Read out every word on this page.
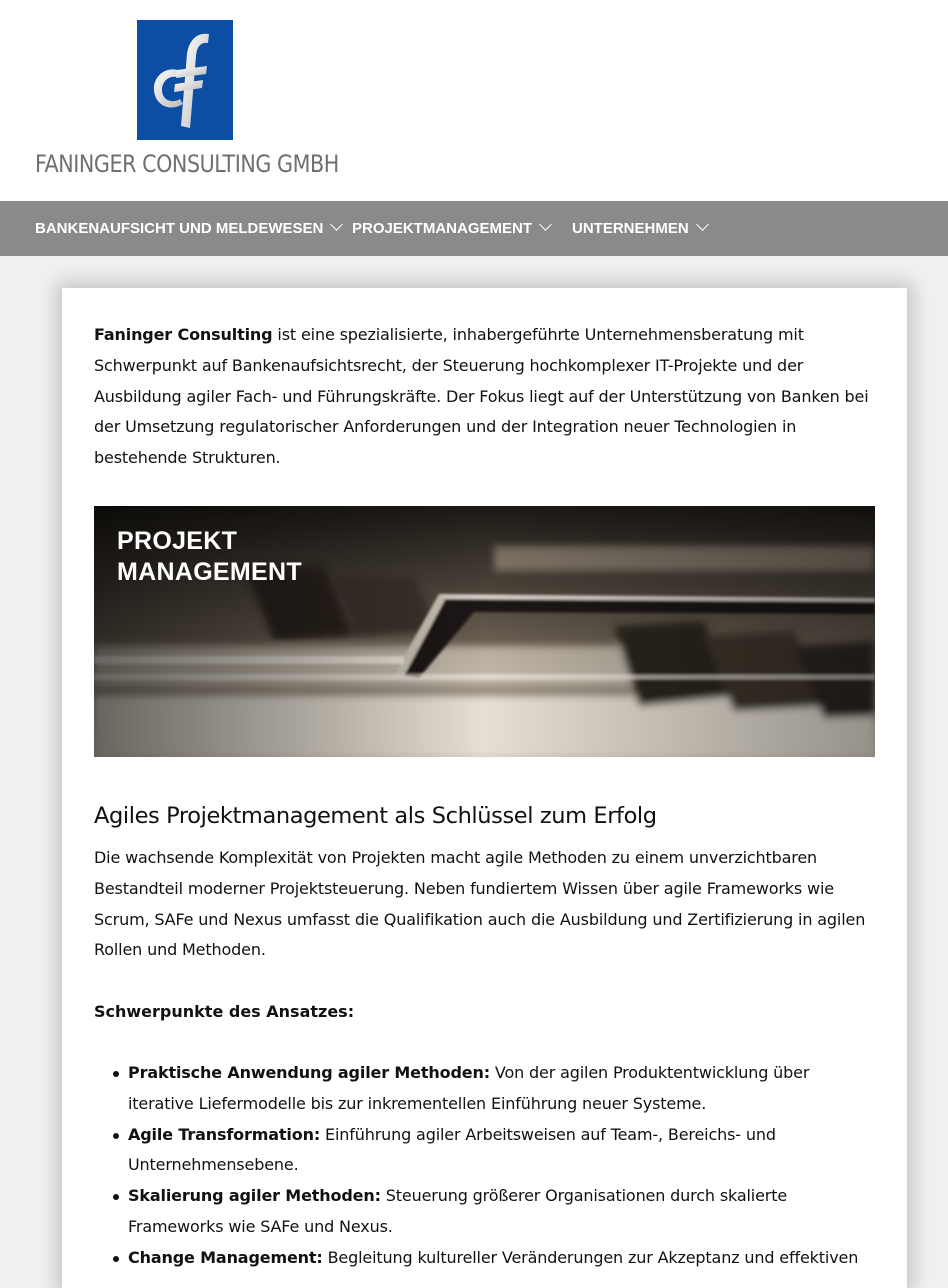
FANINGER CONSULTING GMBH
BANKENAUFSICHT UND MELDEWESEN	PROJEKTMANAGEMENT	UNTERNEHMEN

Faninger Consulting ist eine spezialisierte, inhabergeführte Unternehmensberatung mit Schwerpunkt auf Bankenaufsichtsrecht, der Steuerung hochkomplexer IT-Projekte und der Ausbildung agiler Fach- und Führungskräfte. Der Fokus liegt auf der Unterstützung von Banken bei der Umsetzung regulatorischer Anforderungen und der Integration neuer Technologien in bestehende Strukturen.

PROJEKT
MANAGEMENT
Agiles Projektmanagement als Schlüssel zum Erfolg

Die wachsende Komplexität von Projekten macht agile Methoden zu einem unverzichtbaren Bestandteil moderner Projektsteuerung. Neben fundiertem Wissen über agile Frameworks wie Scrum, SAFe und Nexus umfasst die Qualifikation auch die Ausbildung und Zertifizierung in agilen Rollen und Methoden.

Schwerpunkte des Ansatzes:

Praktische Anwendung agiler Methoden: Von der agilen Produktentwicklung über iterative Liefermodelle bis zur inkrementellen Einführung neuer Systeme.
Agile Transformation: Einführung agiler Arbeitsweisen auf Team-, Bereichs- und Unternehmensebene.
Skalierung agiler Methoden: Steuerung größerer Organisationen durch skalierte Frameworks wie SAFe und Nexus.
Change Management: Begleitung kultureller Veränderungen zur Akzeptanz und effektiven
